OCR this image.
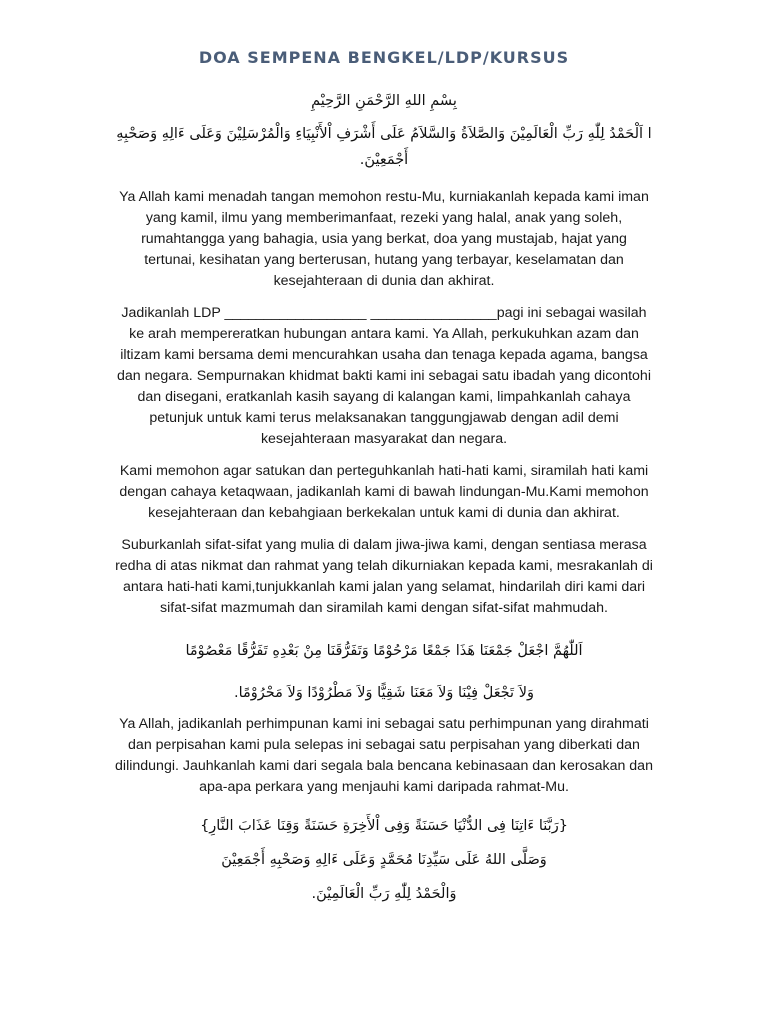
DOA SEMPENA BENGKEL/LDP/KURSUS

بِسْمِ اللهِ الرَّحْمَنِ الرَّحِيْمِ

ا اَلْحَمْدُ لِلّٰهِ رَبِّ الْعَالَمِيْنَ وَالصَّلاَةُ وَالسَّلاَمُ عَلَى أَشْرَفِ اْلأَنْبِيَاءِ وَالْمُرْسَلِيْنَ وَعَلَى ءَالِهِ وَصَحْبِهِ أَجْمَعِيْنَ.

Ya Allah kami menadah tangan memohon restu-Mu, kurniakanlah kepada kami iman yang kamil, ilmu yang memberimanfaat, rezeki yang halal, anak yang soleh, rumahtangga yang bahagia, usia yang berkat, doa yang mustajab, hajat yang tertunai, kesihatan yang berterusan, hutang yang terbayar, keselamatan dan kesejahteraan di dunia dan akhirat.

Jadikanlah LDP __________________ ________________pagi ini sebagai wasilah ke arah mempereratkan hubungan antara kami. Ya Allah, perkukuhkan azam dan iltizam kami bersama demi mencurahkan usaha dan tenaga kepada agama, bangsa dan negara. Sempurnakan khidmat bakti kami ini sebagai satu ibadah yang dicontohi dan disegani, eratkanlah kasih sayang di kalangan kami, limpahkanlah cahaya petunjuk untuk kami terus melaksanakan tanggungjawab dengan adil demi kesejahteraan masyarakat dan negara.

Kami memohon agar satukan dan perteguhkanlah hati-hati kami, siramilah hati kami dengan cahaya ketaqwaan, jadikanlah kami di bawah lindungan-Mu.Kami memohon kesejahteraan dan kebahgiaan berkekalan untuk kami di dunia dan akhirat.

Suburkanlah sifat-sifat yang mulia di dalam jiwa-jiwa kami, dengan sentiasa merasa redha di atas nikmat dan rahmat yang telah dikurniakan kepada kami, mesrakanlah di antara hati-hati kami,tunjukkanlah kami jalan yang selamat, hindarilah diri kami dari sifat-sifat mazmumah dan siramilah kami dengan sifat-sifat mahmudah.

اَللّٰهُمَّ اجْعَلْ جَمْعَنَا هَذَا جَمْعًا مَرْحُوْمًا وَتَفَرُّقَنَا مِنْ بَعْدِهِ تَفَرُّقًا مَعْصُوْمًا
وَلاَ تَجْعَلْ فِيْنَا وَلاَ مَعَنَا شَقِيًّا وَلاَ مَطْرُوْدًا وَلاَ مَحْرُوْمًا.

Ya Allah, jadikanlah perhimpunan kami ini sebagai satu perhimpunan yang dirahmati dan perpisahan kami pula selepas ini sebagai satu perpisahan yang diberkati dan dilindungi. Jauhkanlah kami dari segala bala bencana kebinasaan dan kerosakan dan apa-apa perkara yang menjauhi kami daripada rahmat-Mu.

{رَبَّنَا ءَاتِنَا فِى الدُّنْيَا حَسَنَةً وَفِى اْلأَخِرَةِ حَسَنَةً وَقِنَا عَذَابَ النَّارِ}
وَصَلَّى اللهُ عَلَى سَيِّدِنَا مُحَمَّدٍ وَعَلَى ءَالِهِ وَصَحْبِهِ أَجْمَعِيْنَ
وَالْحَمْدُ لِلّٰهِ رَبِّ الْعَالَمِيْنَ.
